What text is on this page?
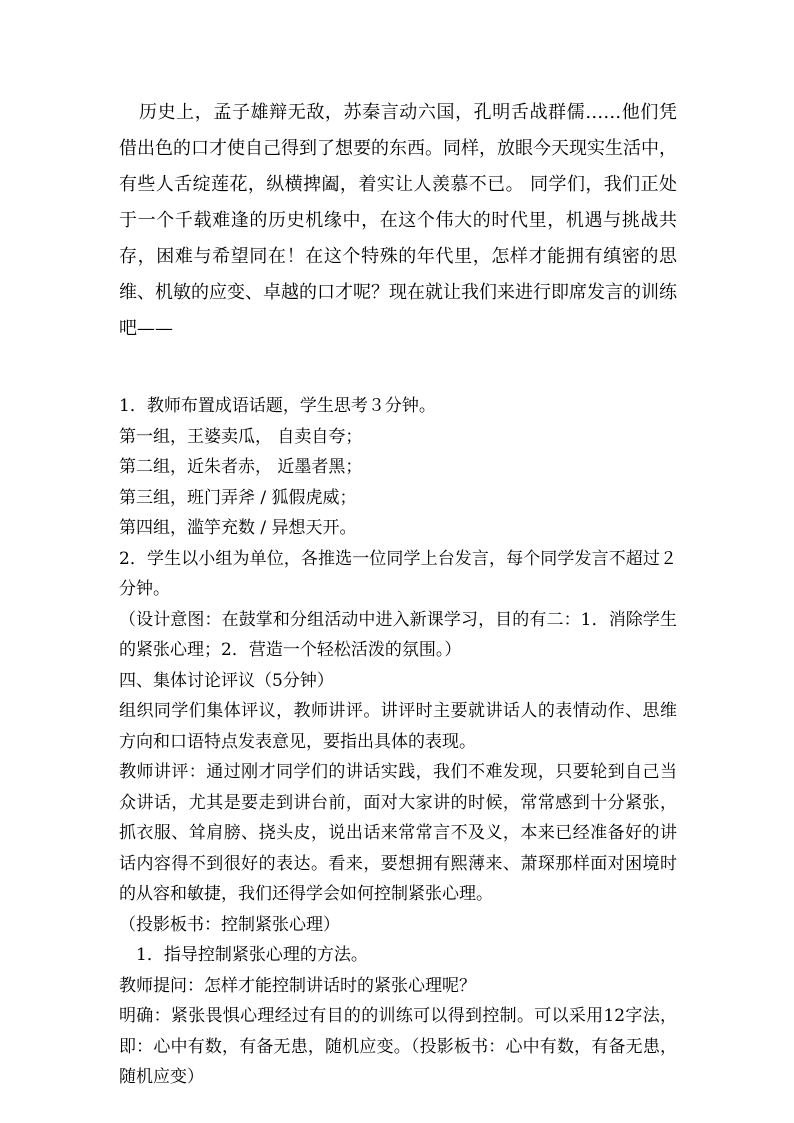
历史上，孟子雄辩无敌，苏秦言动六国，孔明舌战群儒……他们凭借出色的口才使自己得到了想要的东西。同样，放眼今天现实生活中，有些人舌绽莲花，纵横捭阖，着实让人羡慕不已。 同学们，我们正处于一个千载难逢的历史机缘中，在这个伟大的时代里，机遇与挑战共存，困难与希望同在！在这个特殊的年代里，怎样才能拥有缜密的思维、机敏的应变、卓越的口才呢？现在就让我们来进行即席发言的训练吧——

1．教师布置成语话题，学生思考３分钟。

第一组，王婆卖瓜， 自卖自夸；

第二组，近朱者赤， 近墨者黑；

第三组，班门弄斧 / 狐假虎威；

第四组，滥竽充数 / 异想天开。

2．学生以小组为单位，各推选一位同学上台发言，每个同学发言不超过２分钟。

（设计意图：在鼓掌和分组活动中进入新课学习，目的有二：1．消除学生的紧张心理；2．营造一个轻松活泼的氛围。）

四、集体讨论评议（5分钟）

组织同学们集体评议，教师讲评。讲评时主要就讲话人的表情动作、思维方向和口语特点发表意见，要指出具体的表现。

教师讲评：通过刚才同学们的讲话实践，我们不难发现，只要轮到自己当众讲话，尤其是要走到讲台前，面对大家讲的时候，常常感到十分紧张，抓衣服、耸肩膀、挠头皮，说出话来常常言不及义，本来已经准备好的讲话内容得不到很好的表达。看来，要想拥有熙薄来、萧琛那样面对困境时的从容和敏捷，我们还得学会如何控制紧张心理。

（投影板书：控制紧张心理）

1．指导控制紧张心理的方法。

教师提问：怎样才能控制讲话时的紧张心理呢？

明确：紧张畏惧心理经过有目的的训练可以得到控制。可以采用12字法，即：心中有数，有备无患，随机应变。（投影板书：心中有数，有备无患，随机应变）
